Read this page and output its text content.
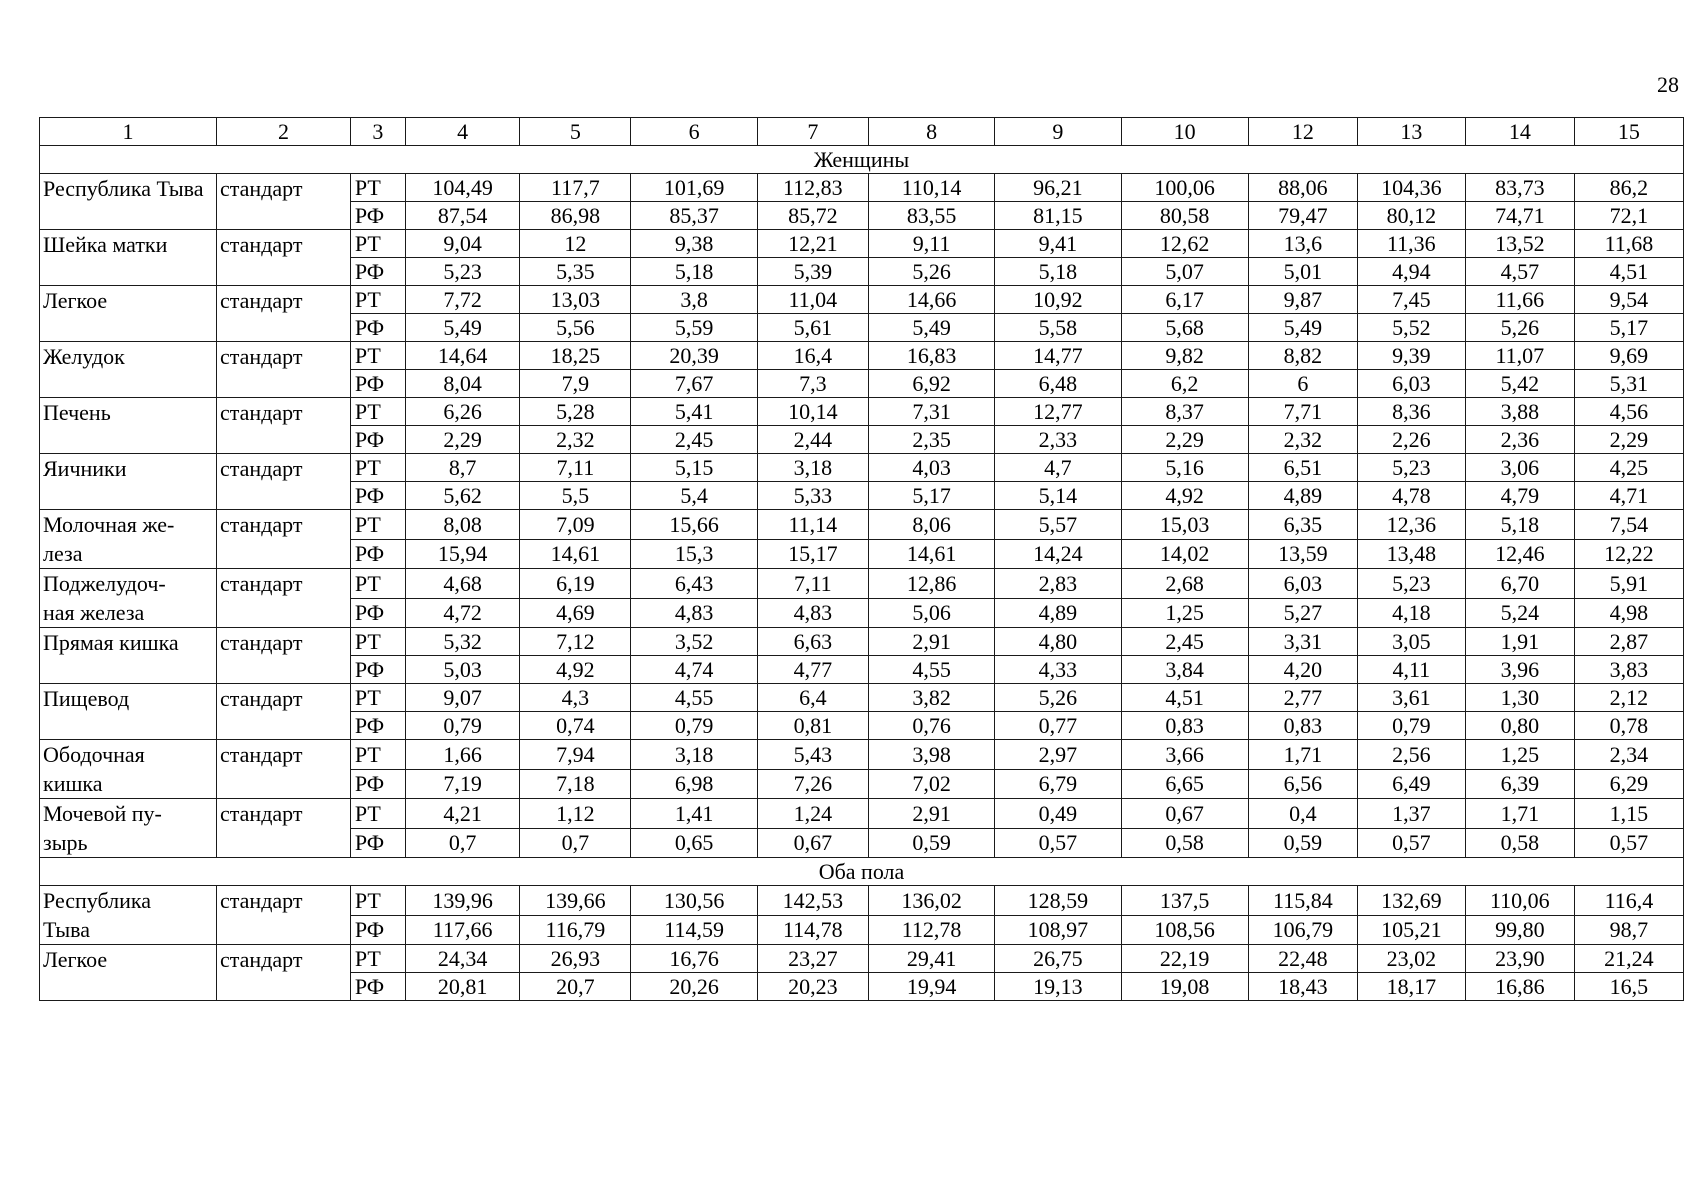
28
1	2	3	4	5	6	7	8	9	10	12	13	14	15
Женщины													
Республика Тыва	стандарт	РТ	104,49	117,7	101,69	112,83	110,14	96,21	100,06	88,06	104,36	83,73	86,2
		РФ	87,54	86,98	85,37	85,72	83,55	81,15	80,58	79,47	80,12	74,71	72,1
Шейка матки	стандарт	РТ	9,04	12	9,38	12,21	9,11	9,41	12,62	13,6	11,36	13,52	11,68
		РФ	5,23	5,35	5,18	5,39	5,26	5,18	5,07	5,01	4,94	4,57	4,51
Легкое	стандарт	РТ	7,72	13,03	3,8	11,04	14,66	10,92	6,17	9,87	7,45	11,66	9,54
		РФ	5,49	5,56	5,59	5,61	5,49	5,58	5,68	5,49	5,52	5,26	5,17
Желудок	стандарт	РТ	14,64	18,25	20,39	16,4	16,83	14,77	9,82	8,82	9,39	11,07	9,69
		РФ	8,04	7,9	7,67	7,3	6,92	6,48	6,2	6	6,03	5,42	5,31
Печень	стандарт	РТ	6,26	5,28	5,41	10,14	7,31	12,77	8,37	7,71	8,36	3,88	4,56
		РФ	2,29	2,32	2,45	2,44	2,35	2,33	2,29	2,32	2,26	2,36	2,29
Яичники	стандарт	РТ	8,7	7,11	5,15	3,18	4,03	4,7	5,16	6,51	5,23	3,06	4,25
		РФ	5,62	5,5	5,4	5,33	5,17	5,14	4,92	4,89	4,78	4,79	4,71
Молочная же-
леза	стандарт	РТ	8,08	7,09	15,66	11,14	8,06	5,57	15,03	6,35	12,36	5,18	7,54
		РФ	15,94	14,61	15,3	15,17	14,61	14,24	14,02	13,59	13,48	12,46	12,22
Поджелудоч-
ная железа	стандарт	РТ	4,68	6,19	6,43	7,11	12,86	2,83	2,68	6,03	5,23	6,70	5,91
		РФ	4,72	4,69	4,83	4,83	5,06	4,89	1,25	5,27	4,18	5,24	4,98
Прямая кишка	стандарт	РТ	5,32	7,12	3,52	6,63	2,91	4,80	2,45	3,31	3,05	1,91	2,87
		РФ	5,03	4,92	4,74	4,77	4,55	4,33	3,84	4,20	4,11	3,96	3,83
Пищевод	стандарт	РТ	9,07	4,3	4,55	6,4	3,82	5,26	4,51	2,77	3,61	1,30	2,12
		РФ	0,79	0,74	0,79	0,81	0,76	0,77	0,83	0,83	0,79	0,80	0,78
Ободочная
кишка	стандарт	РТ	1,66	7,94	3,18	5,43	3,98	2,97	3,66	1,71	2,56	1,25	2,34
		РФ	7,19	7,18	6,98	7,26	7,02	6,79	6,65	6,56	6,49	6,39	6,29
Мочевой пу-
зырь	стандарт	РТ	4,21	1,12	1,41	1,24	2,91	0,49	0,67	0,4	1,37	1,71	1,15
		РФ	0,7	0,7	0,65	0,67	0,59	0,57	0,58	0,59	0,57	0,58	0,57
Оба пола													
Республика
Тыва	стандарт	РТ	139,96	139,66	130,56	142,53	136,02	128,59	137,5	115,84	132,69	110,06	116,4
		РФ	117,66	116,79	114,59	114,78	112,78	108,97	108,56	106,79	105,21	99,80	98,7
Легкое	стандарт	РТ	24,34	26,93	16,76	23,27	29,41	26,75	22,19	22,48	23,02	23,90	21,24
		РФ	20,81	20,7	20,26	20,23	19,94	19,13	19,08	18,43	18,17	16,86	16,5
